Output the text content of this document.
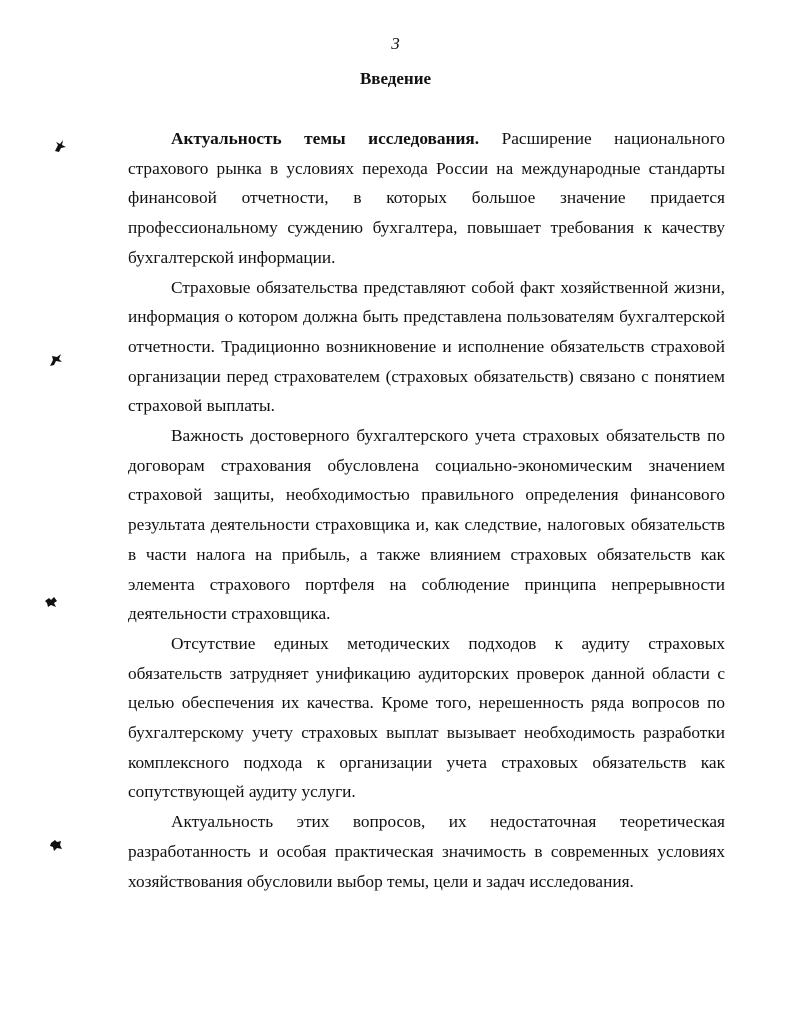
3
Введение

Актуальность темы исследования. Расширение национального страхового рынка в условиях перехода России на международные стандарты финансовой отчетности, в которых большое значение придается профессиональному суждению бухгалтера, повышает требования к качеству бухгалтерской информации.

Страховые обязательства представляют собой факт хозяйственной жизни, информация о котором должна быть представлена пользователям бухгалтерской отчетности. Традиционно возникновение и исполнение обязательств страховой организации перед страхователем (страховых обязательств) связано с понятием страховой выплаты.

Важность достоверного бухгалтерского учета страховых обязательств по договорам страхования обусловлена социально-экономическим значением страховой защиты, необходимостью правильного определения финансового результата деятельности страховщика и, как следствие, налоговых обязательств в части налога на прибыль, а также влиянием страховых обязательств как элемента страхового портфеля на соблюдение принципа непрерывности деятельности страховщика.

Отсутствие единых методических подходов к аудиту страховых обязательств затрудняет унификацию аудиторских проверок данной области с целью обеспечения их качества. Кроме того, нерешенность ряда вопросов по бухгалтерскому учету страховых выплат вызывает необходимость разработки комплексного подхода к организации учета страховых обязательств как сопутствующей аудиту услуги.

Актуальность этих вопросов, их недостаточная теоретическая разработанность и особая практическая значимость в современных условиях хозяйствования обусловили выбор темы, цели и задач исследования.
